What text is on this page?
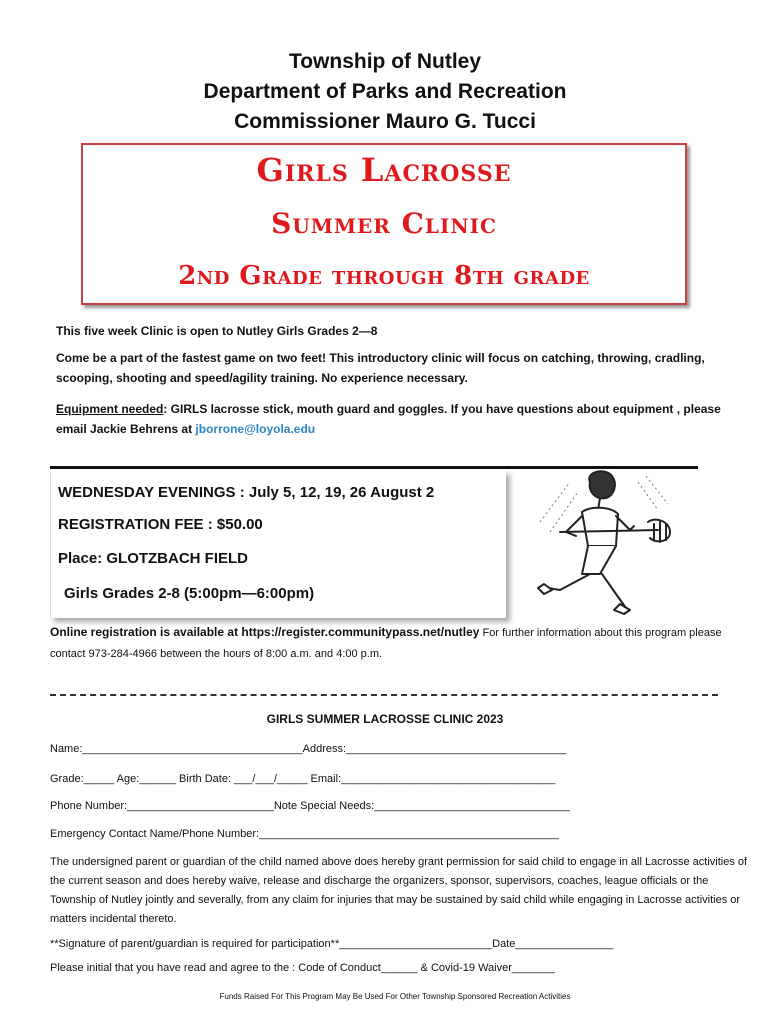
Township of Nutley
Department of Parks and Recreation
Commissioner Mauro G. Tucci
Girls Lacrosse
Summer Clinic
2nd Grade through 8th grade
This five week Clinic is open to Nutley Girls Grades 2—8
Come be a part of the fastest game on two feet! This introductory clinic will focus on catching, throwing, cradling, scooping, shooting and speed/agility training. No experience necessary.
Equipment needed: GIRLS lacrosse stick, mouth guard and goggles. If you have questions about equipment , please email Jackie Behrens at jborrone@loyola.edu
WEDNESDAY EVENINGS : July 5, 12, 19, 26 August 2
REGISTRATION FEE : $50.00
Place: GLOTZBACH FIELD
Girls Grades 2-8 (5:00pm—6:00pm)
Online registration is available at https://register.communitypass.net/nutley For further information about this program please contact 973-284-4966 between the hours of 8:00 a.m. and 4:00 p.m.
GIRLS SUMMER LACROSSE CLINIC 2023
Name:____________________________________Address:____________________________________
Grade:_____ Age:______ Birth Date: ___/___/_____ Email:___________________________________
Phone Number:________________________Note Special Needs:________________________________
Emergency Contact Name/Phone Number:_________________________________________________
The undersigned parent or guardian of the child named above does hereby grant permission for said child to engage in all Lacrosse activities of the current season and does hereby waive, release and discharge the organizers, sponsor, supervisors, coaches, league officials or the Township of Nutley jointly and severally, from any claim for injuries that may be sustained by said child while engaging in Lacrosse activities or matters incidental thereto.
**Signature of parent/guardian is required for participation**_________________________Date________________
Please initial that you have read and agree to the : Code of Conduct______ & Covid-19 Waiver_______
Funds Raised For This Program May Be Used For Other Township Sponsored Recreation Activities
